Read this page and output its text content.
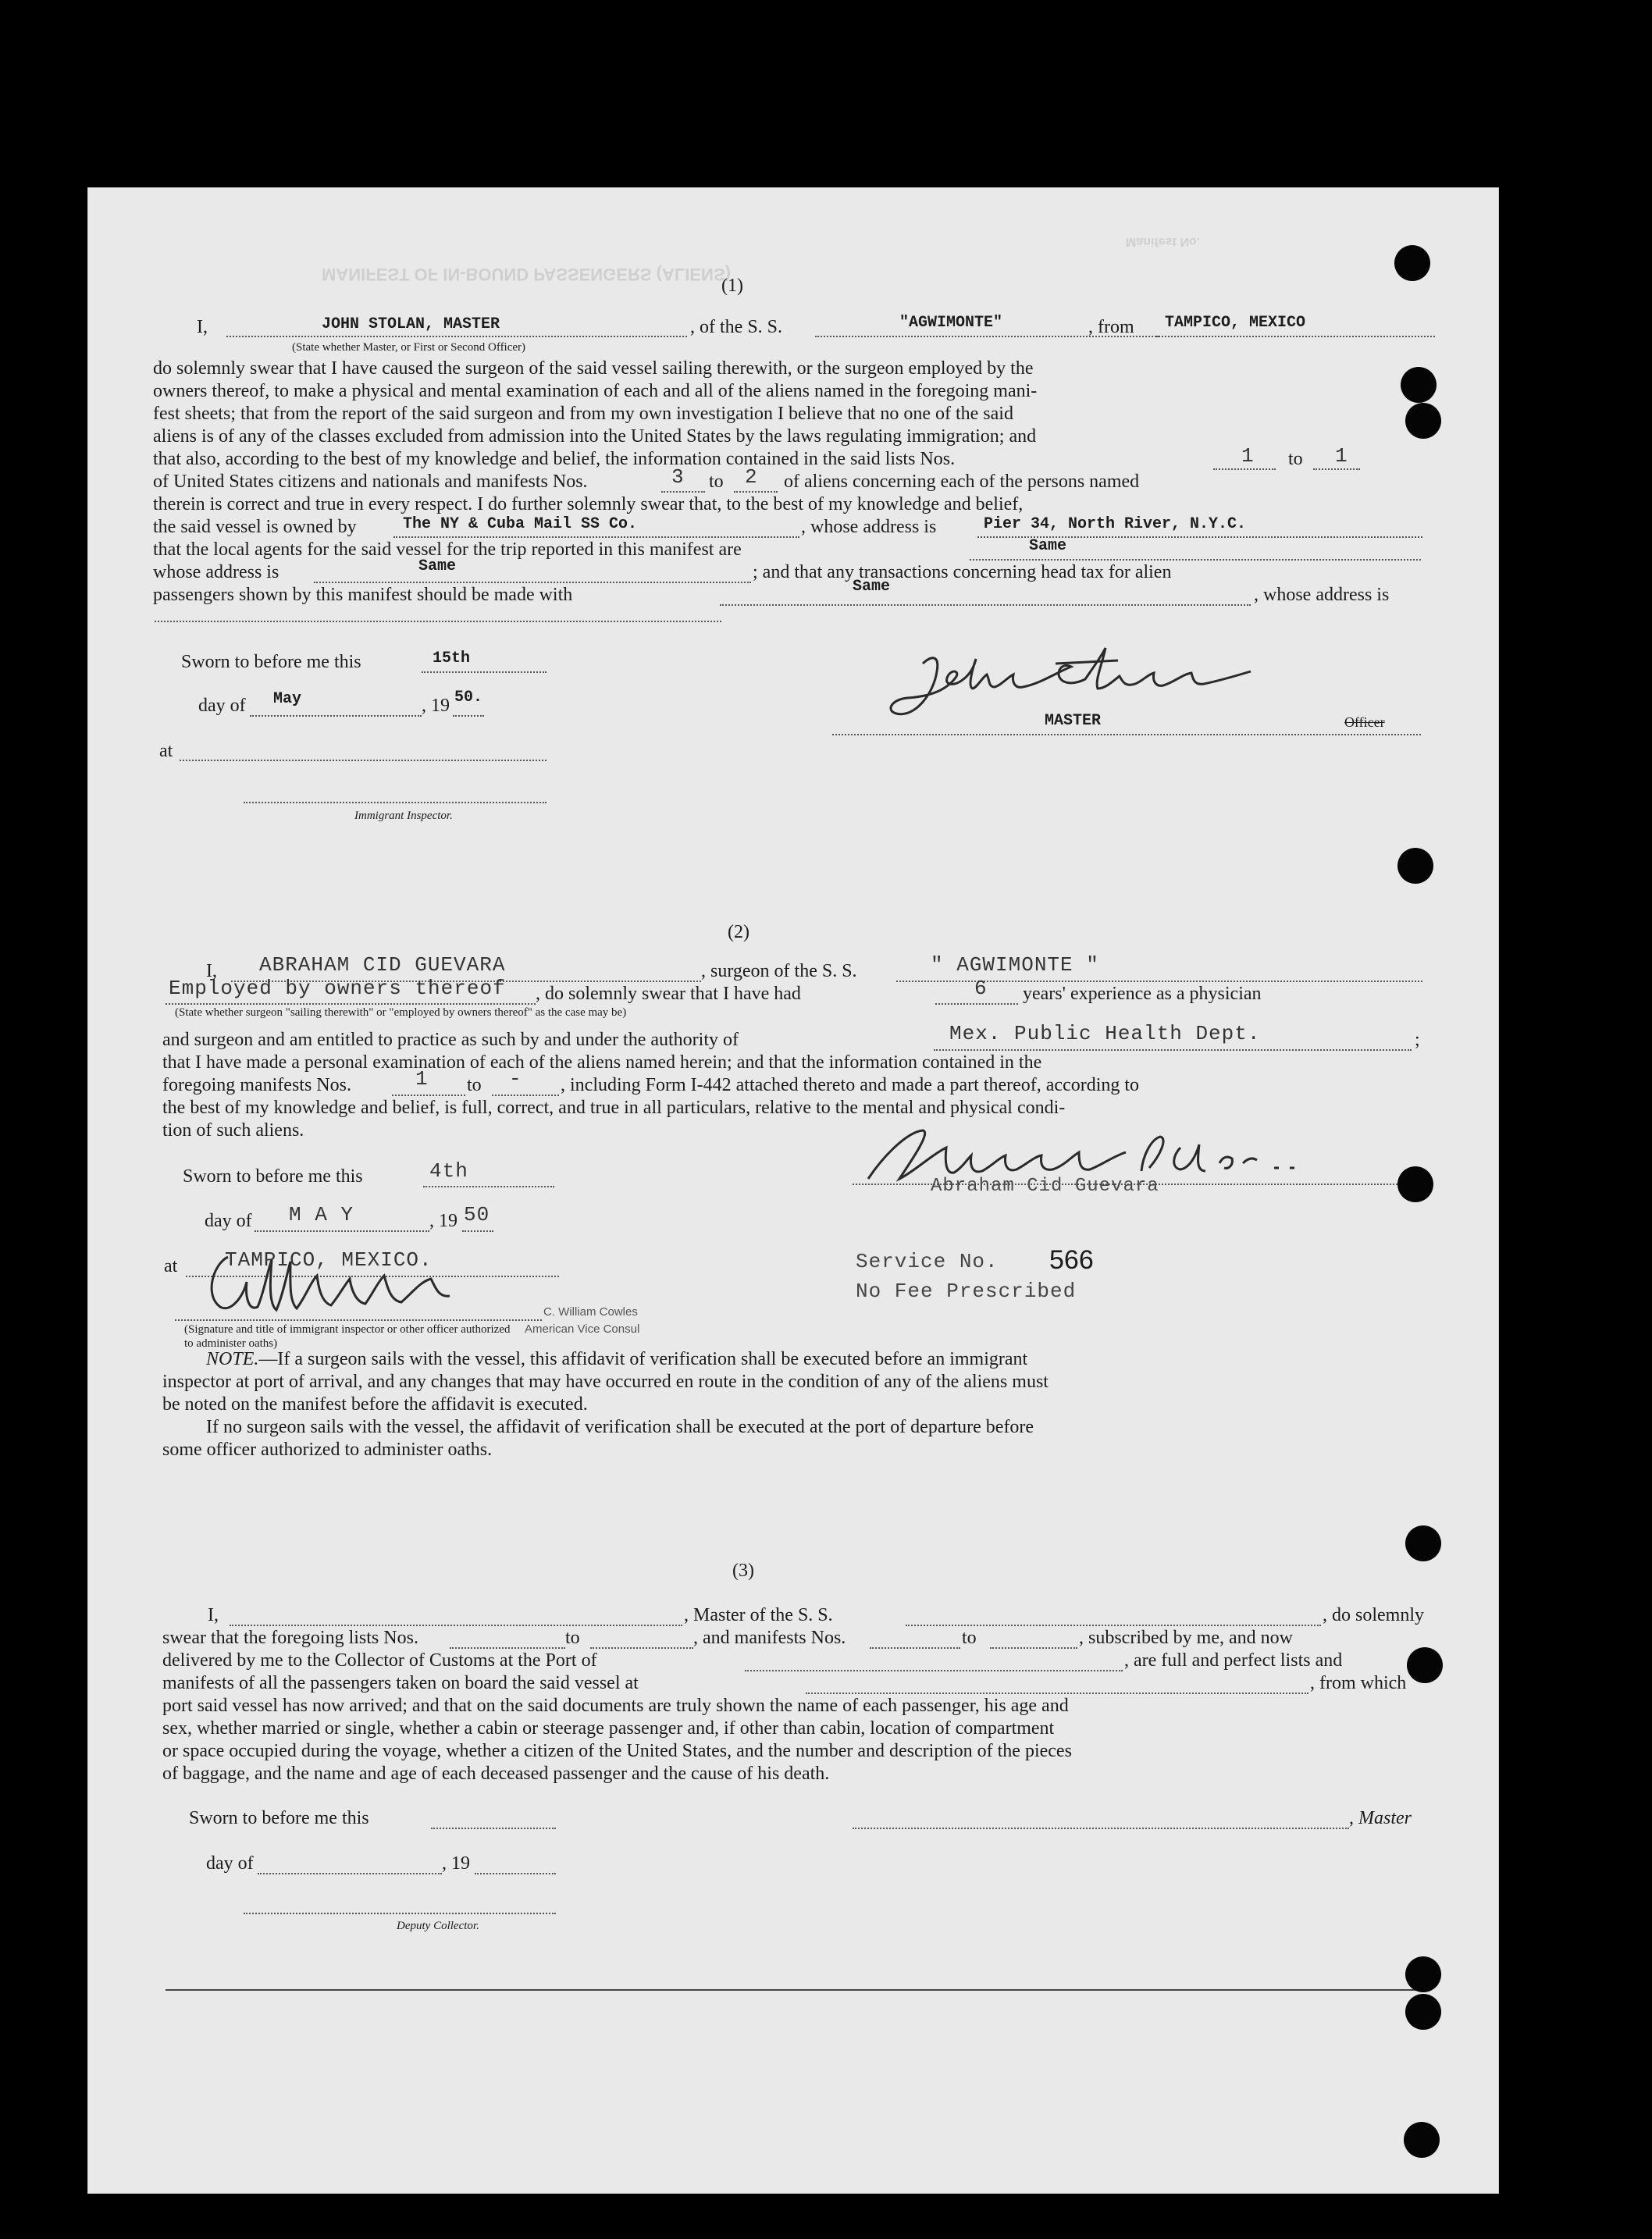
MANIFEST OF IN-BOUND PASSENGERS (ALIENS)
Manifest No.
(1)
I,	JOHN STOLAN, MASTER	, of the S. S.	"AGWIMONTE"	, from TAMPICO, MEXICO
(State whether Master, or First or Second Officer)
do solemnly swear that I have caused the surgeon of the said vessel sailing therewith, or the surgeon employed by the
owners thereof, to make a physical and mental examination of each and all of the aliens named in the foregoing mani-
fest sheets; that from the report of the said surgeon and from my own investigation I believe that no one of the said
aliens is of any of the classes excluded from admission into the United States by the laws regulating immigration; and
that also, according to the best of my knowledge and belief, the information contained in the said lists Nos.	1 to 1
of United States citizens and nationals and manifests Nos.	3 to 2 of aliens concerning each of the persons named
therein is correct and true in every respect. I do further solemnly swear that, to the best of my knowledge and belief,
the said vessel is owned by	The NY & Cuba Mail SS Co.	, whose address is	Pier 34, North River, N.Y.C.
that the local agents for the said vessel for the trip reported in this manifest are	Same
whose address is	Same	; and that any transactions concerning head tax for alien
passengers shown by this manifest should be made with	Same	, whose address is
Sworn to before me this	15th
day of May	, 19 50.
at
Immigrant Inspector.
MASTER	Officer
(2)
I, ABRAHAM CID GUEVARA	, surgeon of the S. S.	" AGWIMONTE "
Employed by owners thereof , do solemnly swear that I have had	6 years' experience as a physician
(State whether surgeon "sailing therewith" or "employed by owners thereof" as the case may be)
and surgeon and am entitled to practice as such by and under the authority of	Mex. Public Health Dept.	;
that I have made a personal examination of each of the aliens named herein; and that the information contained in the
foregoing manifests Nos.	1 to - , including Form I-442 attached thereto and made a part thereof, according to
the best of my knowledge and belief, is full, correct, and true in all particulars, relative to the mental and physical condi-
tion of such aliens.
Sworn to before me this	4th
day of M A Y	, 19 50
at TAMPICO, MEXICO.
C. William Cowles
American Vice Consul
(Signature and title of immigrant inspector or other officer authorized to administer oaths)
Abraham Cid Guevara
Service No. 566
No Fee Prescribed
NOTE.—If a surgeon sails with the vessel, this affidavit of verification shall be executed before an immigrant
inspector at port of arrival, and any changes that may have occurred en route in the condition of any of the aliens must
be noted on the manifest before the affidavit is executed.
If no surgeon sails with the vessel, the affidavit of verification shall be executed at the port of departure before
some officer authorized to administer oaths.
(3)
I,	, Master of the S. S.	, do solemnly
swear that the foregoing lists Nos.	to	, and manifests Nos.	to	, subscribed by me, and now
delivered by me to the Collector of Customs at the Port of	, are full and perfect lists and
manifests of all the passengers taken on board the said vessel at	, from which
port said vessel has now arrived; and that on the said documents are truly shown the name of each passenger, his age and
sex, whether married or single, whether a cabin or steerage passenger and, if other than cabin, location of compartment
or space occupied during the voyage, whether a citizen of the United States, and the number and description of the pieces
of baggage, and the name and age of each deceased passenger and the cause of his death.
Sworn to before me this	, Master
day of	, 19
Deputy Collector.
